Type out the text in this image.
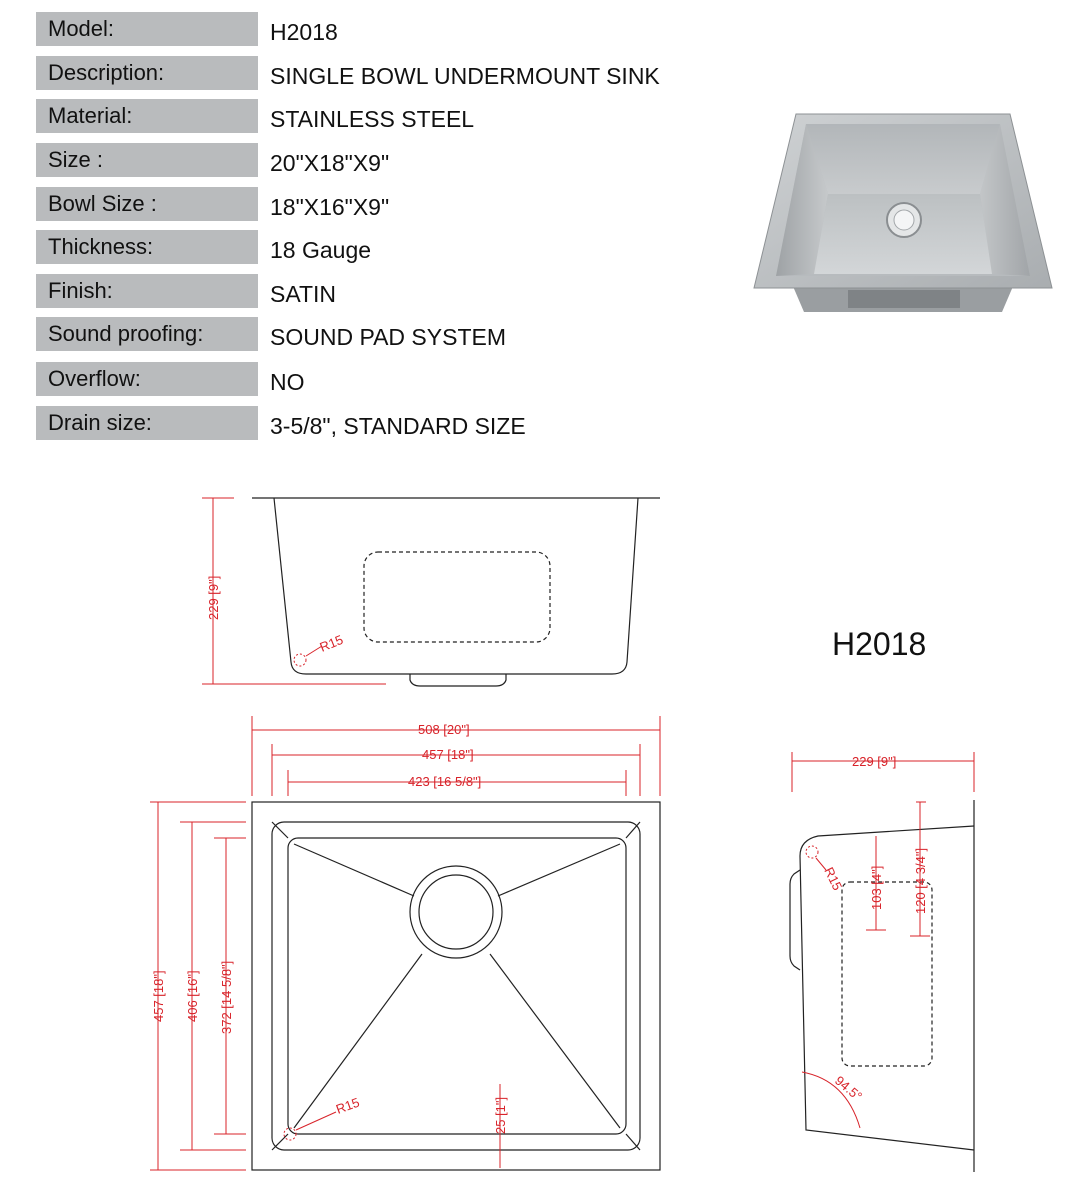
Model:	H2018
Description:	SINGLE BOWL UNDERMOUNT SINK
Material:	STAINLESS STEEL
Size :	20"X18"X9"
Bowl Size :	18"X16"X9"
Thickness:	18 Gauge
Finish:	SATIN
Sound proofing:	SOUND PAD SYSTEM
Overflow:	NO
Drain size:	3-5/8", STANDARD SIZE
H2018
229 [9"]
R15
508 [20"]
457 [18"]
423 [16 5/8"]
457 [18"] 406 [16"] 372 [14 5/8"]
R15	25 [1"]
229 [9"]
103 [4"] 120 [4 3/4"]
R15
94.5°
